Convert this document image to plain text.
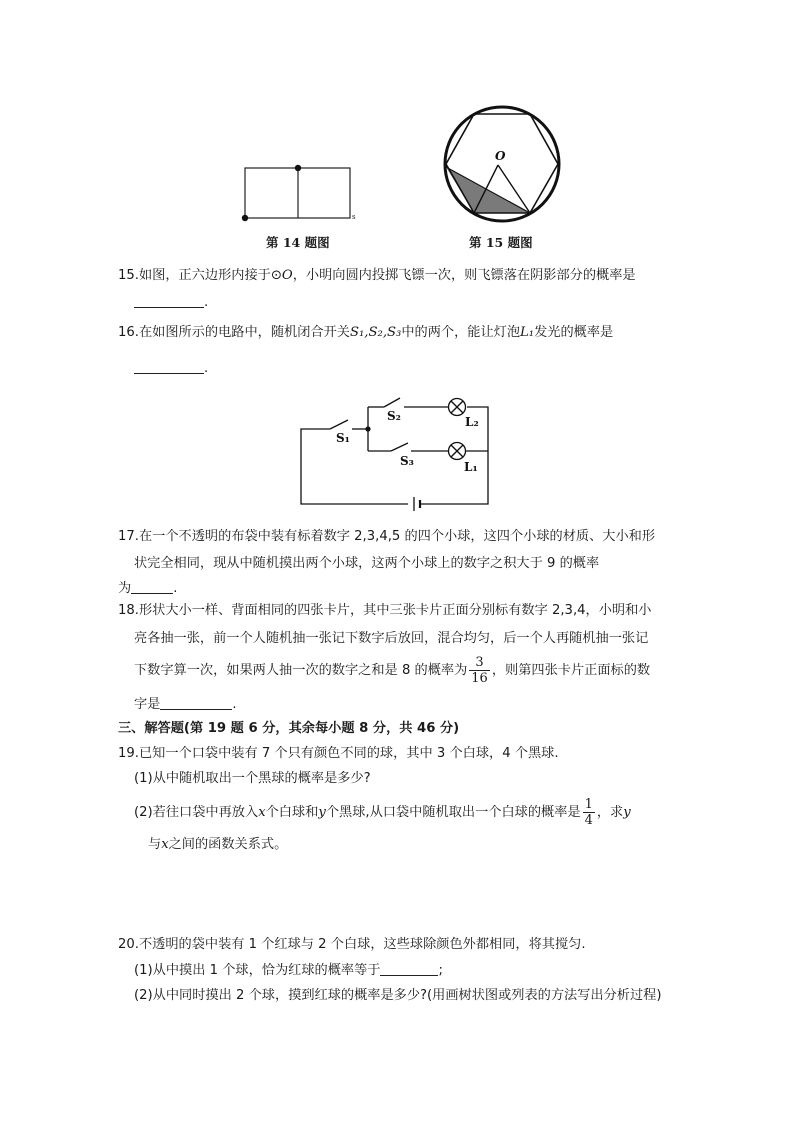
s
第 14 题图
O
第 15 题图
15.如图，正六边形内接于⊙O，小明向圆内投掷飞镖一次，则飞镖落在阴影部分的概率是
.
16.在如图所示的电路中，随机闭合开关S₁,S₂,S₃中的两个，能让灯泡L₁发光的概率是
.
S₁
S₂
S₃
L₂
L₁
17.在一个不透明的布袋中装有标着数字 2,3,4,5 的四个小球，这四个小球的材质、大小和形
状完全相同，现从中随机摸出两个小球，这两个小球上的数字之积大于 9 的概率
为	.
18.形状大小一样、背面相同的四张卡片，其中三张卡片正面分别标有数字 2,3,4，小明和小
亮各抽一张，前一个人随机抽一张记下数字后放回，混合均匀，后一个人再随机抽一张记
下数字算一次，如果两人抽一次的数字之和是 8 的概率为 $\frac{3}{16}$ ，则第四张卡片正面标的数
字是	.
三、解答题(第 19 题 6 分，其余每小题 8 分，共 46 分)
19.已知一个口袋中装有 7 个只有颜色不同的球，其中 3 个白球，4 个黑球.
(1)从中随机取出一个黑球的概率是多少?
(2)若往口袋中再放入x个白球和y个黑球,从口袋中随机取出一个白球的概率是 $\frac{1}{4}$ ，求y
与x之间的函数关系式。
20.不透明的袋中装有 1 个红球与 2 个白球，这些球除颜色外都相同，将其搅匀.
(1)从中摸出 1 个球，恰为红球的概率等于	;
(2)从中同时摸出 2 个球，摸到红球的概率是多少?(用画树状图或列表的方法写出分析过程)
